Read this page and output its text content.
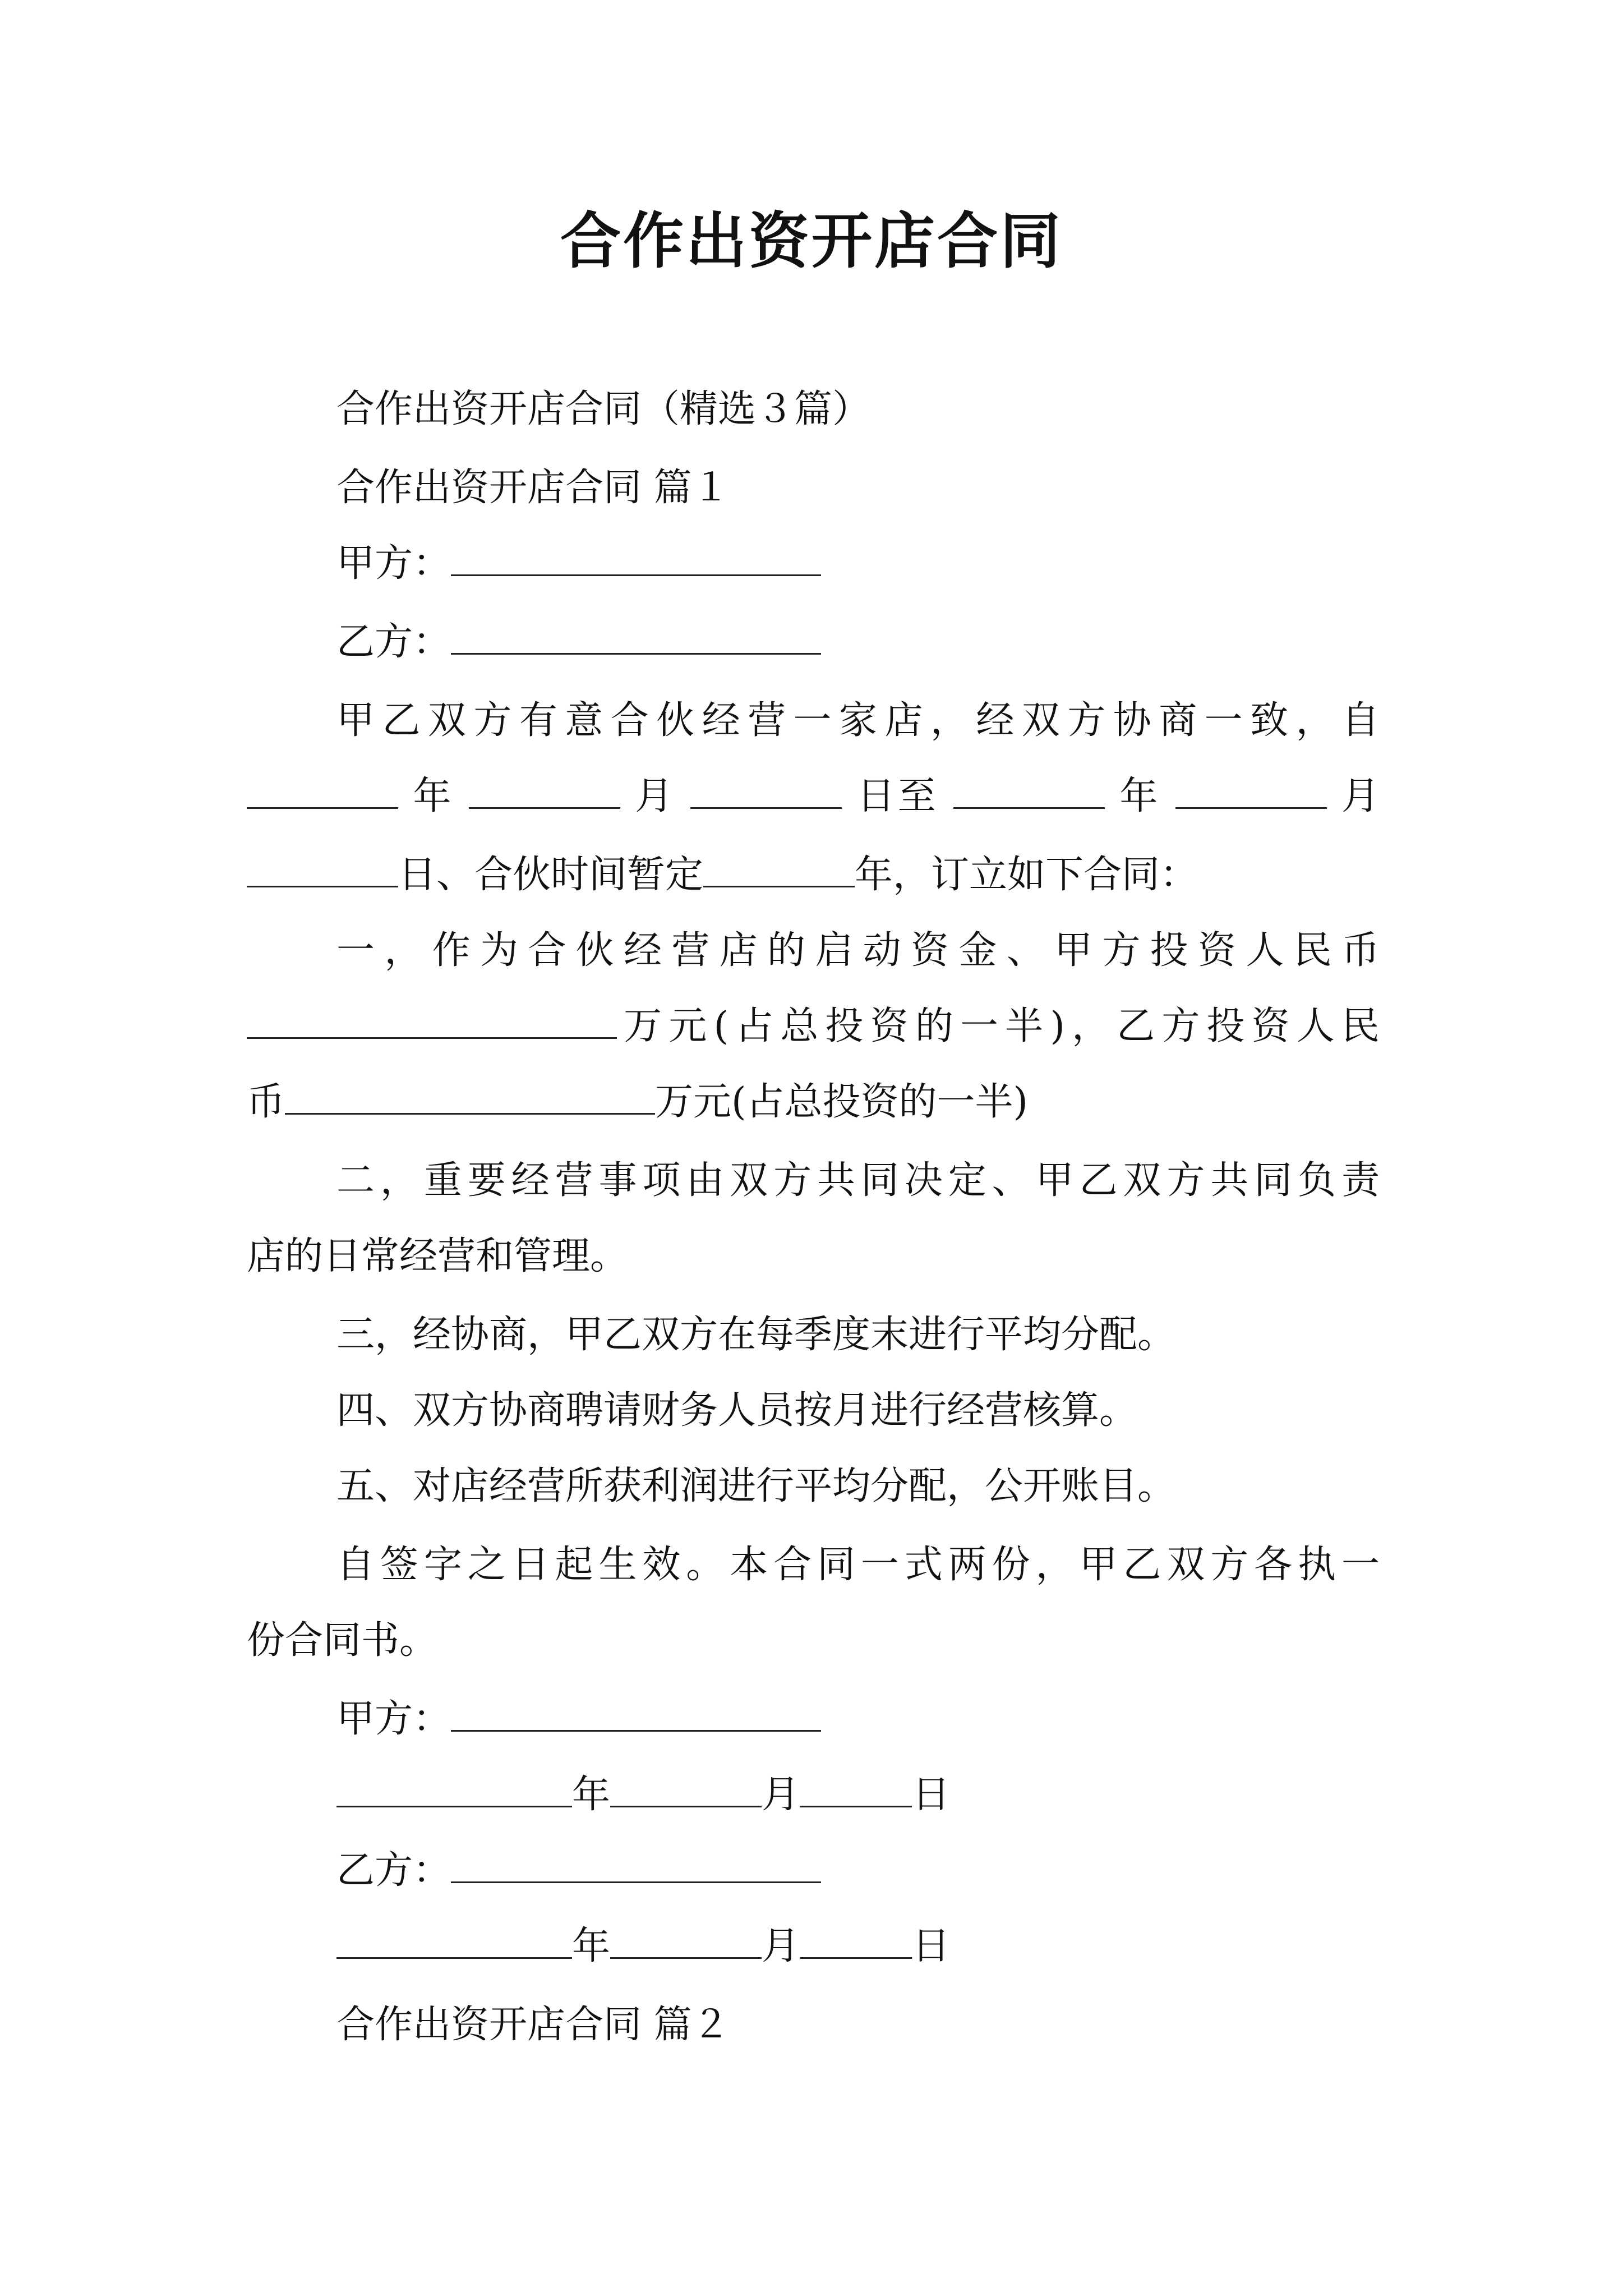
合作出资开店合同
合作出资开店合同（精选３篇）
合作出资开店合同 篇１
甲方：
乙方：
甲乙双方有意合伙经营一家店，经双方协商一致，自
年	月	日至	年	月
日、合伙时间暂定	年，订立如下合同：
一，作为合伙经营店的启动资金、甲方投资人民币
万元(占总投资的一半)，乙方投资人民
币	万元(占总投资的一半)
二，重要经营事项由双方共同决定、甲乙双方共同负责
店的日常经营和管理。
三，经协商，甲乙双方在每季度末进行平均分配。
四、双方协商聘请财务人员按月进行经营核算。
五、对店经营所获利润进行平均分配，公开账目。
自签字之日起生效。本合同一式两份，甲乙双方各执一
份合同书。
甲方：
年	月	日
乙方：
年	月	日
合作出资开店合同 篇２
